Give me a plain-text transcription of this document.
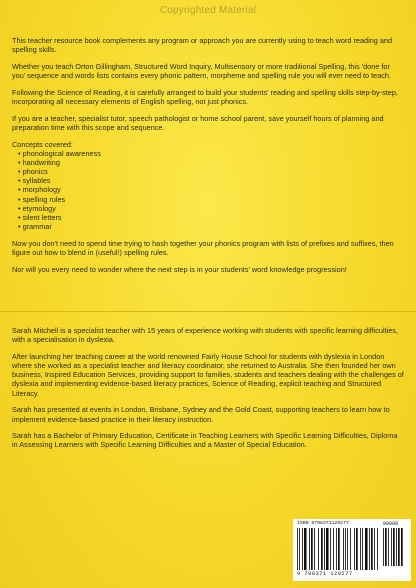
Copyrighted Material

This teacher resource book complements any program or approach you are currently using to teach word reading and spelling skills.

Whether you teach Orton Gillingham, Structured Word Inquiry, Multisensory or more traditional Spelling, this 'done for you' sequence and words lists contains every phonic pattern, morpheme and spelling rule you will ever need to teach.

Following the Science of Reading, it is carefully arranged to build your students' reading and spelling skills step-by-step, incorporating all necessary elements of English spelling, not just phonics.

If you are a teacher, specialist tutor, speech pathologist or home school parent, save yourself hours of planning and preparation time with this scope and sequence.

Concepts covered:

• phonological awareness
• handwriting
• phonics
• syllables
• morphology
• spelling rules
• etymology
• silent letters
• grammar

Now you don't need to spend time trying to hash together your phonics program with lists of prefixes and suffixes, then figure out how to blend in (useful!) spelling rules.

Nor will you every need to wonder where the next step is in your students' word knowledge progression!

Sarah Mitchell is a specialist teacher with 15 years of experience working with students with specific learning difficulties, with a specialisation in dyslexia.

After launching her teaching career at the world renowned Fairly House School for students with dyslexia in London where she worked as a specialist teacher and literacy coordinator, she returned to Australia. She then founded her own business, Inspired Education Services, providing support to families, students and teachers dealing with the challenges of dyslexia and implementing evidence-based literacy practices, Science of Reading, explicit teaching and Structured Literacy.

Sarah has presented at events in London, Brisbane, Sydney and the Gold Coast, supporting teachers to learn how to implement evidence-based practice in their literacy instruction.

Sarah has a Bachelor of Primary Education, Certificate in Teaching Learners with Specific Learning Difficulties, Diploma in Assessing Learners with Specific Learning Difficulties and a Master of Special Education.

ISBN 9798371129277	90000
9 798371 129277
